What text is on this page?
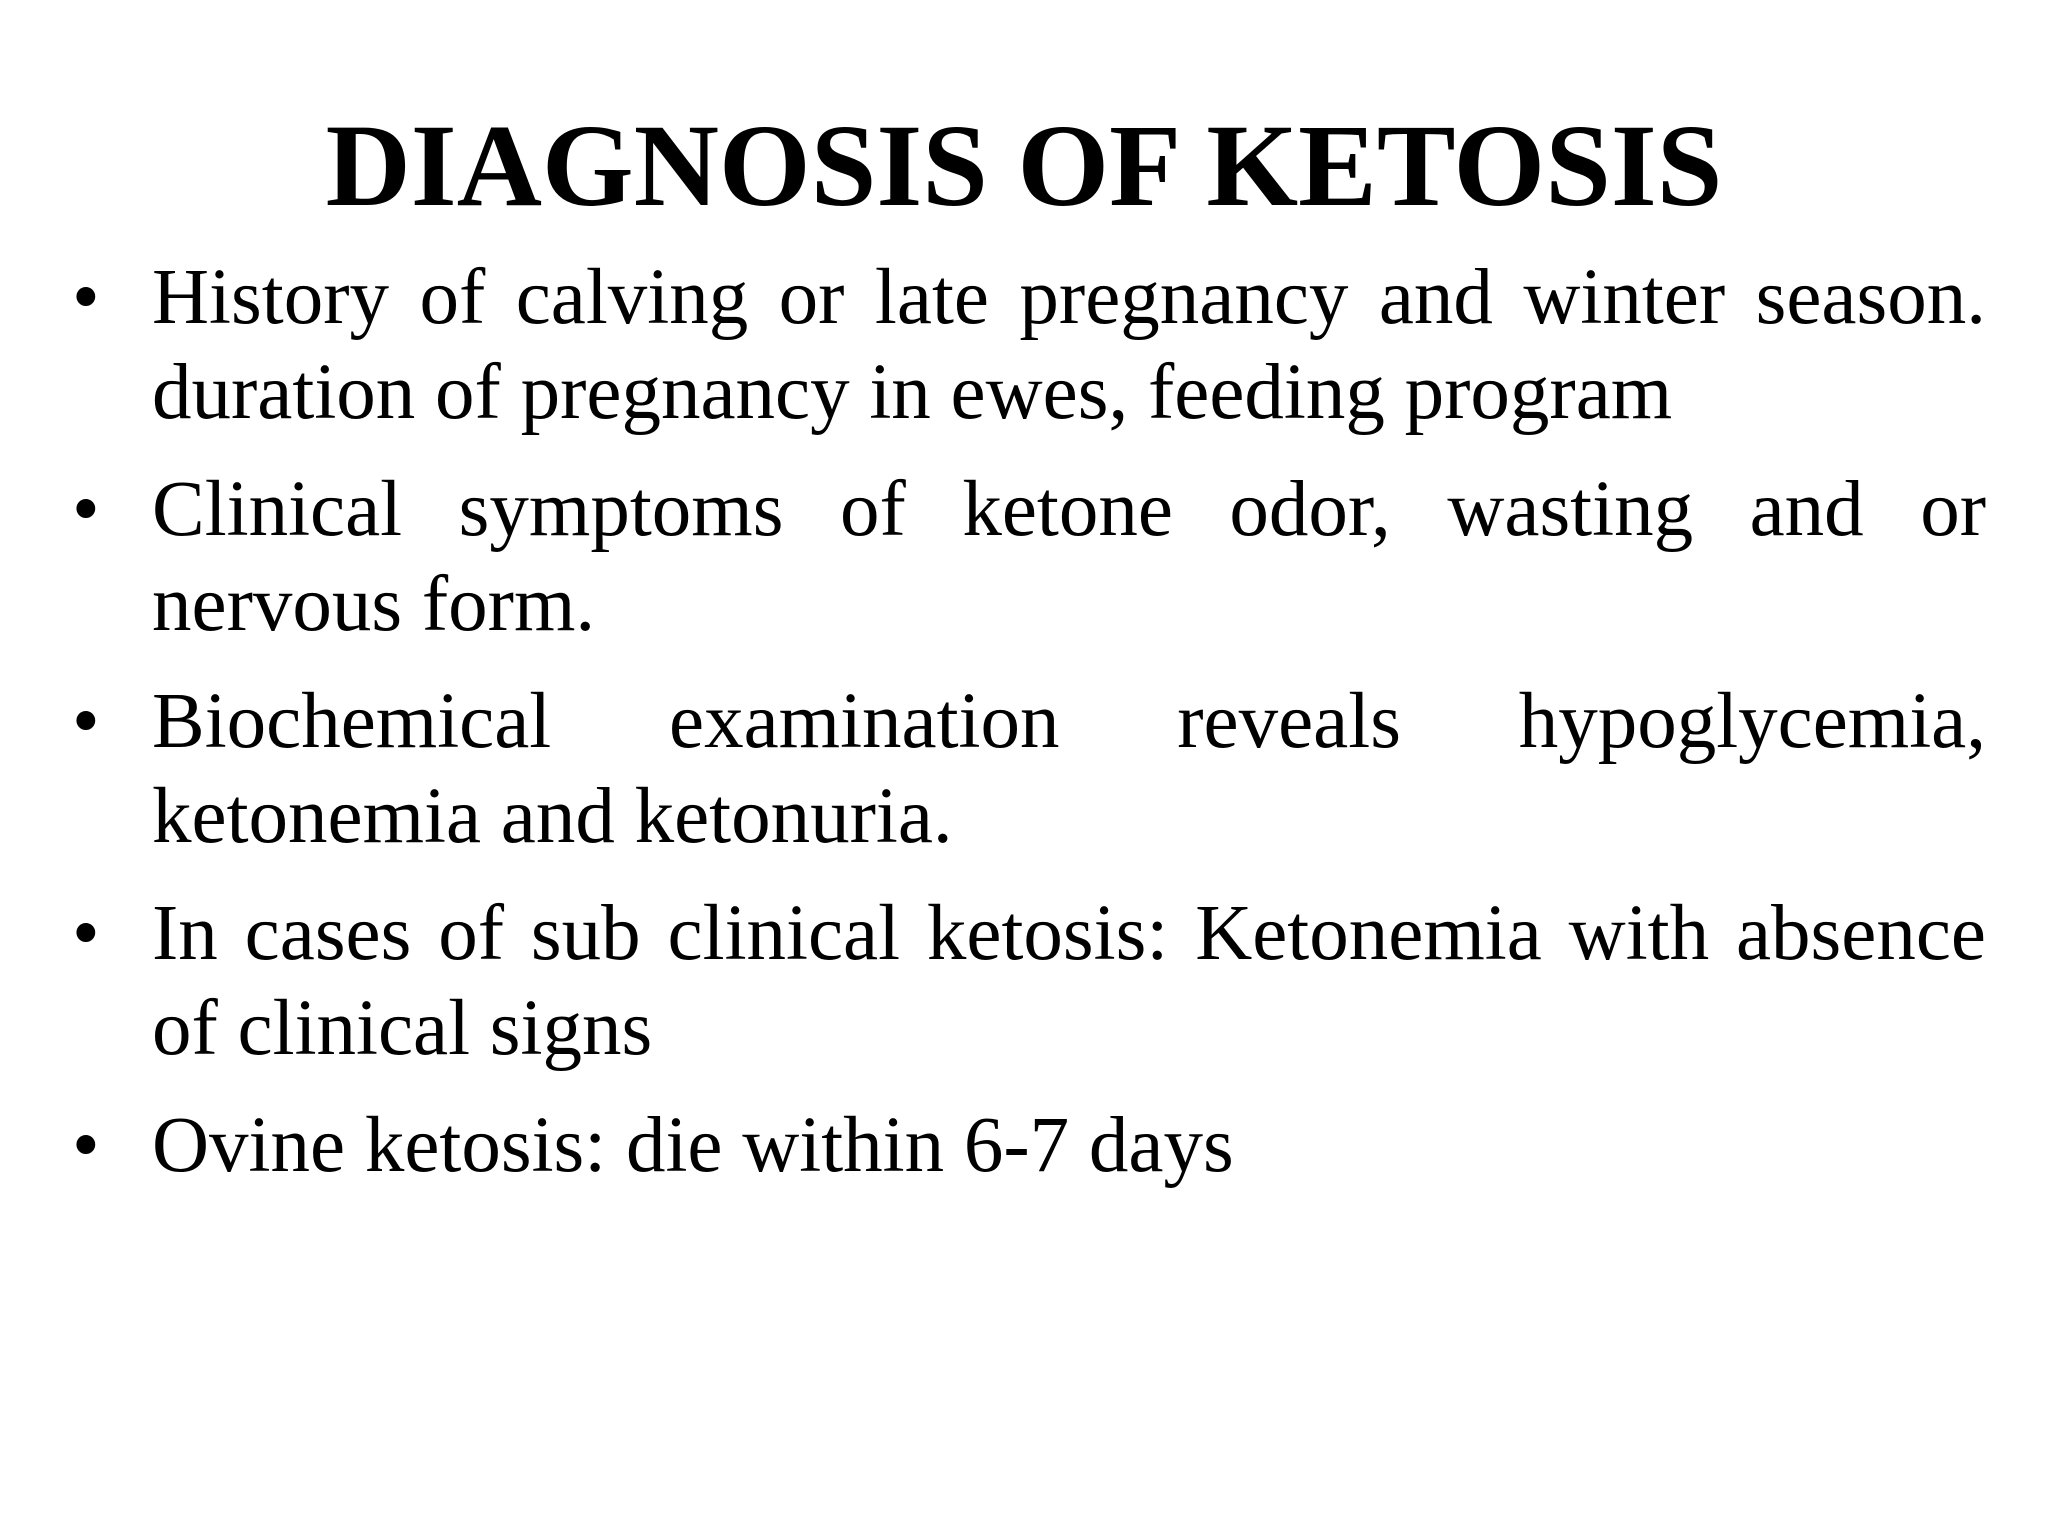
DIAGNOSIS OF KETOSIS
• History of calving or late pregnancy and winter season. duration of pregnancy in ewes, feeding program
• Clinical symptoms of ketone odor, wasting and or nervous form.
• Biochemical examination reveals hypoglycemia, ketonemia and ketonuria.
• In cases of sub clinical ketosis: Ketonemia with absence of clinical signs
• Ovine ketosis: die within 6-7 days
